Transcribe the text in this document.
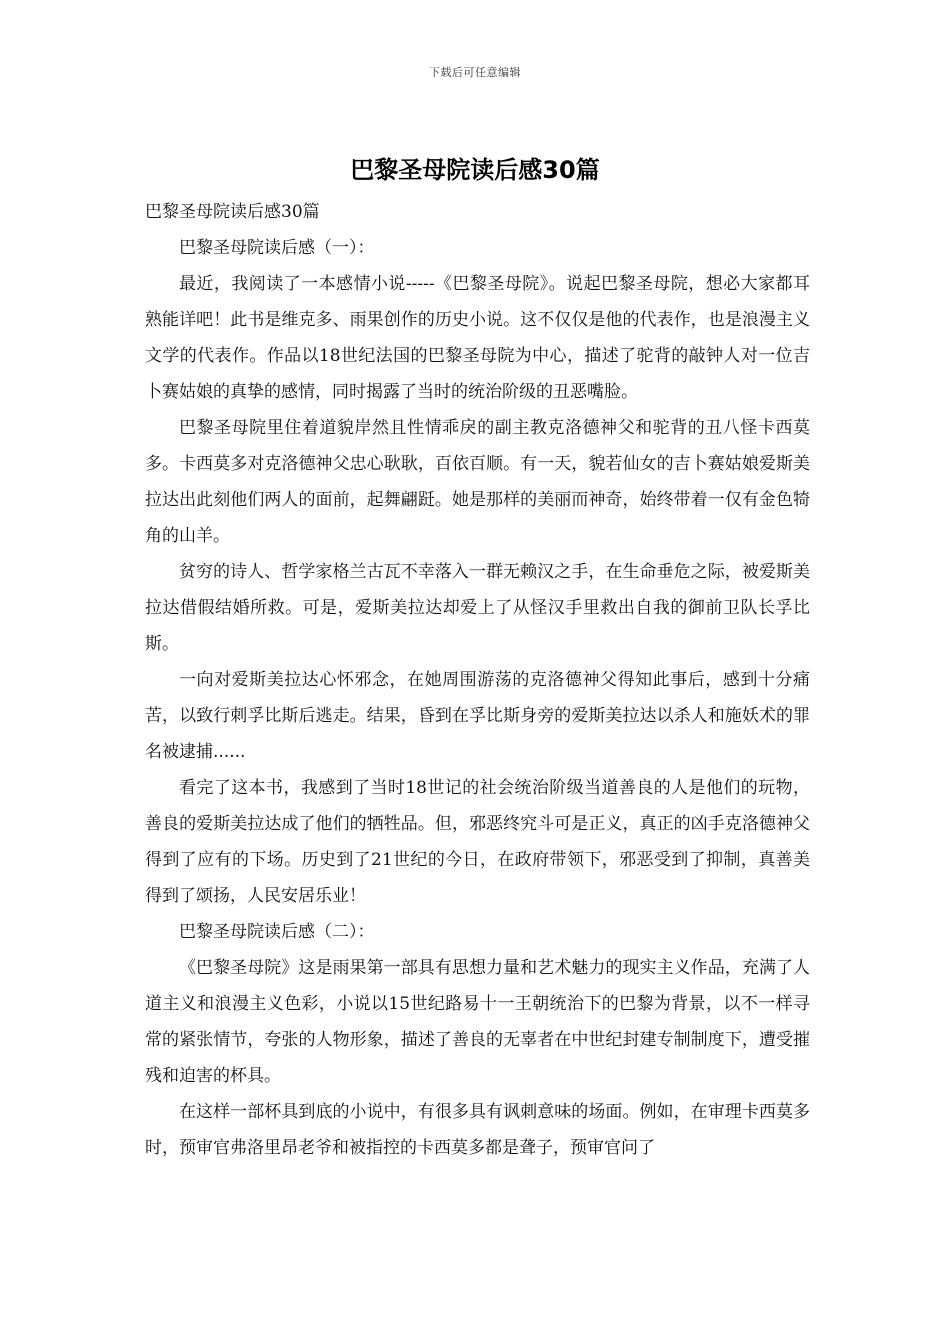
下载后可任意编辑
巴黎圣母院读后感30篇

巴黎圣母院读后感30篇

巴黎圣母院读后感（一）：

最近，我阅读了一本感情小说-----《巴黎圣母院》。说起巴黎圣母院，想必大家都耳熟能详吧！此书是维克多、雨果创作的历史小说。这不仅仅是他的代表作，也是浪漫主义文学的代表作。作品以18世纪法国的巴黎圣母院为中心，描述了驼背的敲钟人对一位吉卜赛姑娘的真挚的感情，同时揭露了当时的统治阶级的丑恶嘴脸。

巴黎圣母院里住着道貌岸然且性情乖戾的副主教克洛德神父和驼背的丑八怪卡西莫多。卡西莫多对克洛德神父忠心耿耿，百依百顺。有一天，貌若仙女的吉卜赛姑娘爱斯美拉达出此刻他们两人的面前，起舞翩跹。她是那样的美丽而神奇，始终带着一仅有金色犄角的山羊。

贫穷的诗人、哲学家格兰古瓦不幸落入一群无赖汉之手，在生命垂危之际，被爱斯美拉达借假结婚所救。可是，爱斯美拉达却爱上了从怪汉手里救出自我的御前卫队长孚比斯。

一向对爱斯美拉达心怀邪念，在她周围游荡的克洛德神父得知此事后，感到十分痛苦，以致行刺孚比斯后逃走。结果，昏到在孚比斯身旁的爱斯美拉达以杀人和施妖术的罪名被逮捕......

看完了这本书，我感到了当时18世记的社会统治阶级当道善良的人是他们的玩物，善良的爱斯美拉达成了他们的牺牲品。但，邪恶终究斗可是正义，真正的凶手克洛德神父得到了应有的下场。历史到了21世纪的今日，在政府带领下，邪恶受到了抑制，真善美得到了颂扬，人民安居乐业！

巴黎圣母院读后感（二）：

《巴黎圣母院》这是雨果第一部具有思想力量和艺术魅力的现实主义作品，充满了人道主义和浪漫主义色彩，小说以15世纪路易十一王朝统治下的巴黎为背景，以不一样寻常的紧张情节，夸张的人物形象，描述了善良的无辜者在中世纪封建专制制度下，遭受摧残和迫害的杯具。

在这样一部杯具到底的小说中，有很多具有讽刺意味的场面。例如，在审理卡西莫多时，预审官弗洛里昂老爷和被指控的卡西莫多都是聋子，预审官问了
